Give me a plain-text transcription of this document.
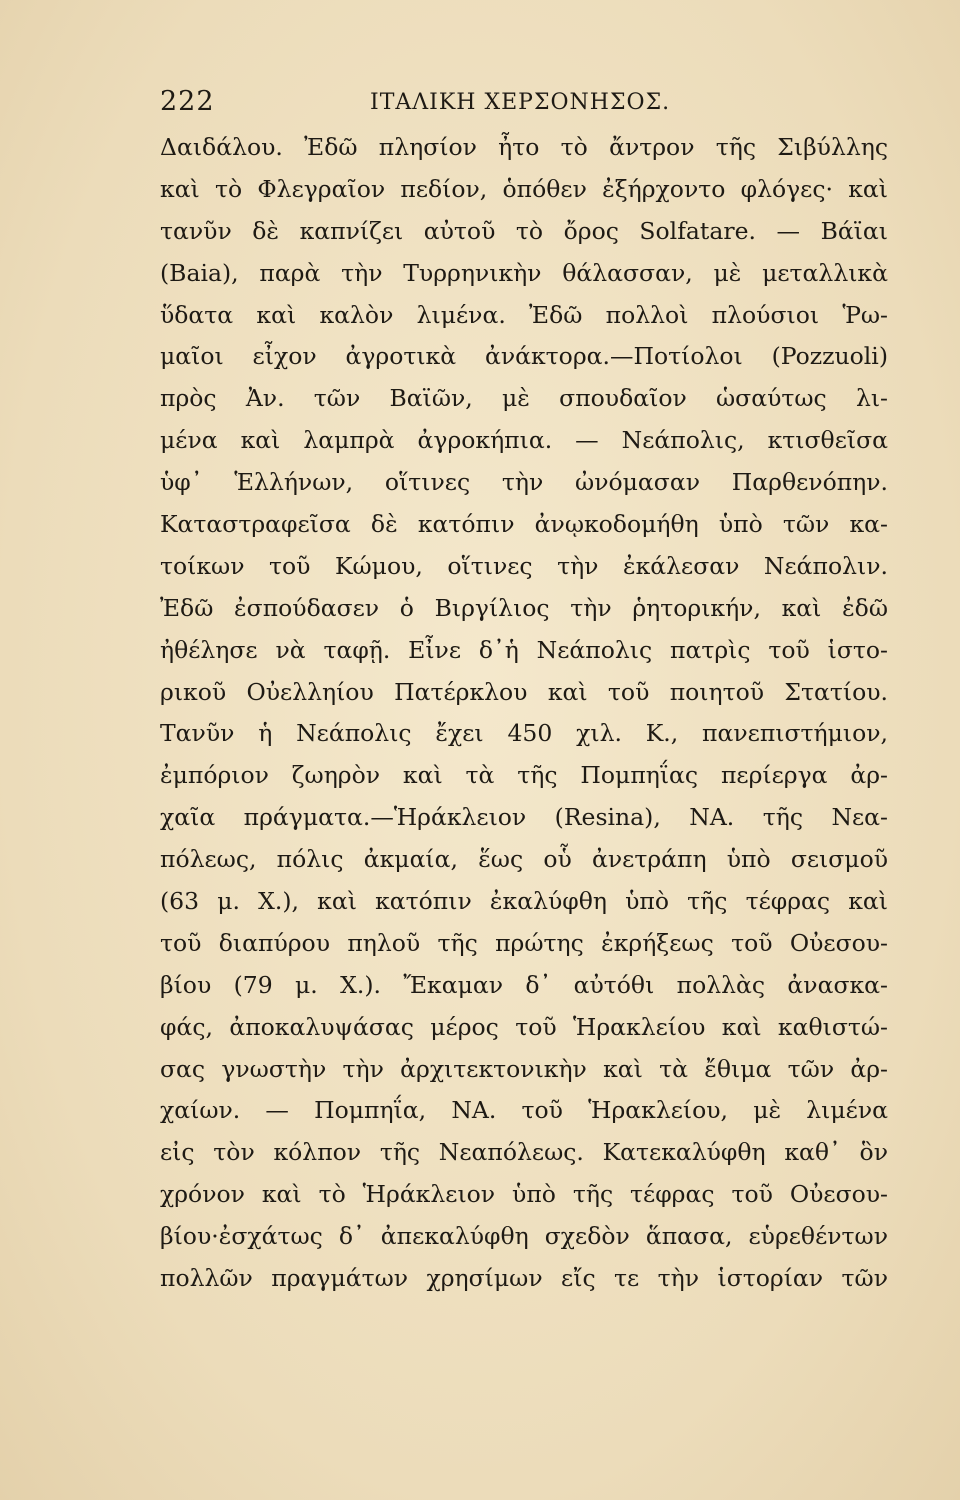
222	ΙΤΑΛΙΚΗ ΧΕΡΣΟΝΗΣΟΣ.
Δαιδάλου. Ἐδῶ πλησίον ἦτο τὸ ἄντρον τῆς Σιβύλλης
καὶ τὸ Φλεγραῖον πεδίον, ὁπόθεν ἐξήρχοντο φλόγες· καὶ
τανῦν δὲ καπνίζει αὐτοῦ τὸ ὄρος Solfatare. — Βάϊαι
(Baia), παρὰ τὴν Τυρρηνικὴν θάλασσαν, μὲ μεταλλικὰ
ὕδατα καὶ καλὸν λιμένα. Ἐδῶ πολλοὶ πλούσιοι Ῥω-
μαῖοι εἶχον ἀγροτικὰ ἀνάκτορα.—Ποτίολοι (Pozzuoli)
πρὸς Ἀν. τῶν Βαϊῶν, μὲ σπουδαῖον ὡσαύτως λι-
μένα καὶ λαμπρὰ ἀγροκήπια. — Νεάπολις, κτισθεῖσα
ὑφ᾽ Ἑλλήνων, οἵτινες τὴν ὠνόμασαν Παρθενόπην.
Καταστραφεῖσα δὲ κατόπιν ἀνῳκοδομήθη ὑπὸ τῶν κα-
τοίκων τοῦ Κώμου, οἵτινες τὴν ἐκάλεσαν Νεάπολιν.
Ἐδῶ ἐσπούδασεν ὁ Βιργίλιος τὴν ῥητορικήν, καὶ ἐδῶ
ἠθέλησε νὰ ταφῇ. Εἶνε δ᾽ἡ Νεάπολις πατρὶς τοῦ ἱστο-
ρικοῦ Οὐελληίου Πατέρκλου καὶ τοῦ ποιητοῦ Στατίου.
Τανῦν ἡ Νεάπολις ἔχει 450 χιλ. Κ., πανεπιστήμιον,
ἐμπόριον ζωηρὸν καὶ τὰ τῆς Πομπηΐας περίεργα ἀρ-
χαῖα πράγματα.—Ἡράκλειον (Resina), ΝΑ. τῆς Νεα-
πόλεως, πόλις ἀκμαία, ἕως οὗ ἀνετράπη ὑπὸ σεισμοῦ
(63 μ. Χ.), καὶ κατόπιν ἐκαλύφθη ὑπὸ τῆς τέφρας καὶ
τοῦ διαπύρου πηλοῦ τῆς πρώτης ἐκρήξεως τοῦ Οὐεσου-
βίου (79 μ. Χ.). Ἔκαμαν δ᾽ αὐτόθι πολλὰς ἀνασκα-
φάς, ἀποκαλυψάσας μέρος τοῦ Ἡρακλείου καὶ καθιστώ-
σας γνωστὴν τὴν ἀρχιτεκτονικὴν καὶ τὰ ἔθιμα τῶν ἀρ-
χαίων. — Πομπηΐα, ΝΑ. τοῦ Ἡρακλείου, μὲ λιμένα
εἰς τὸν κόλπον τῆς Νεαπόλεως. Κατεκαλύφθη καθ᾽ ὃν
χρόνον καὶ τὸ Ἡράκλειον ὑπὸ τῆς τέφρας τοῦ Οὐεσου-
βίου·ἐσχάτως δ᾽ ἀπεκαλύφθη σχεδὸν ἅπασα, εὑρεθέντων
πολλῶν πραγμάτων χρησίμων εἴς τε τὴν ἱστορίαν τῶν
